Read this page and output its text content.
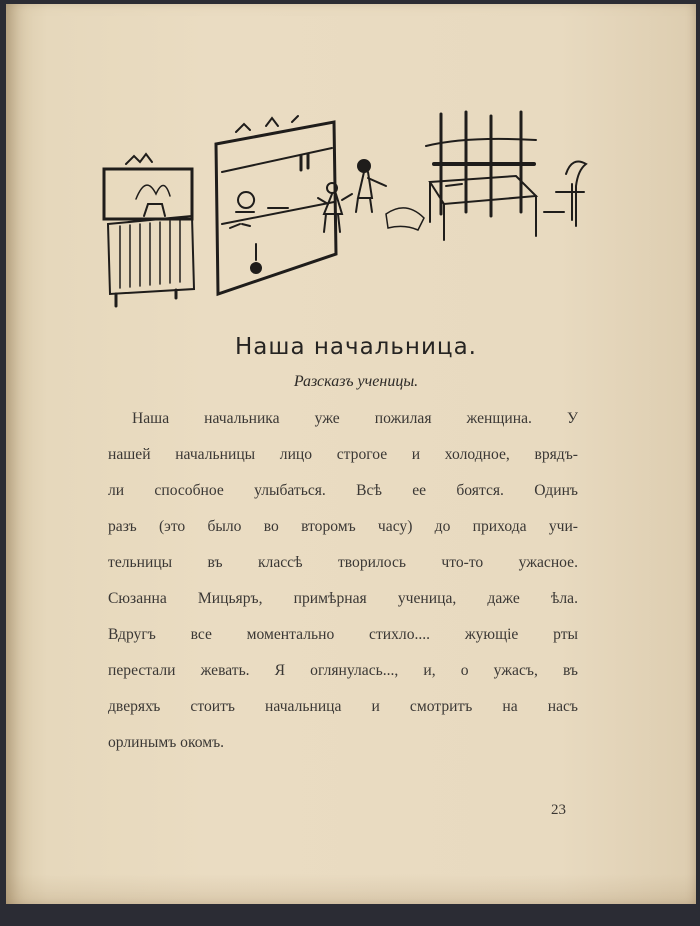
Наша начальница.
Разсказъ ученицы.
Наша начальника уже пожилая женщина. У
нашей начальницы лицо строгое и холодное, врядъ-
ли способное улыбаться. Всѣ ее боятся. Одинъ
разъ (это было во второмъ часу) до прихода учи-
тельницы въ классѣ творилось что-то ужасное.
Сюзанна Мицьяръ, примѣрная ученица, даже ѣла.
Вдругъ все моментально стихло.... жующіе рты
перестали жевать. Я оглянулась..., и, о ужасъ, въ
дверяхъ стоитъ начальница и смотритъ на насъ
орлинымъ окомъ.
23
